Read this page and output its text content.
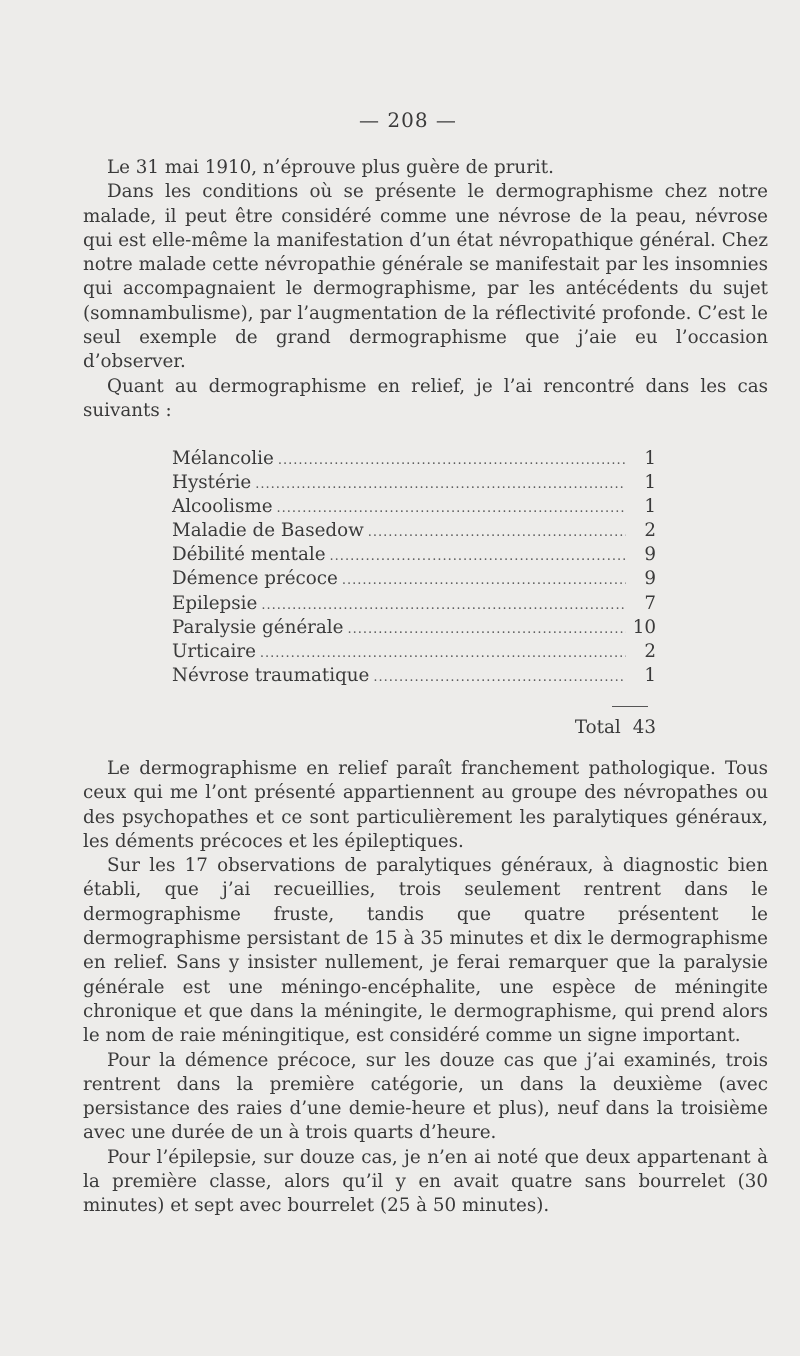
— 208 —

Le 31 mai 1910, n’éprouve plus guère de prurit.

Dans les conditions où se présente le dermographisme chez notre malade, il peut être considéré comme une névrose de la peau, névrose qui est elle-même la manifestation d’un état névropathique général. Chez notre malade cette névropathie générale se manifestait par les insomnies qui accompagnaient le dermographisme, par les antécédents du sujet (somnambulisme), par l’augmentation de la réflectivité profonde. C’est le seul exemple de grand dermographisme que j’aie eu l’occasion d’observer.

Quant au dermographisme en relief, je l’ai rencontré dans les cas suivants :

Mélancolie .....	1
Hystérie .....	1
Alcoolisme .....	1
Maladie de Basedow .....	2
Débilité mentale .....	9
Démence précoce .....	9
Epilepsie .....	7
Paralysie générale .....	10
Urticaire .....	2
Névrose traumatique .....	1
Total 43

Le dermographisme en relief paraît franchement pathologique. Tous ceux qui me l’ont présenté appartiennent au groupe des névropathes ou des psychopathes et ce sont particulièrement les paralytiques généraux, les déments précoces et les épileptiques.

Sur les 17 observations de paralytiques généraux, à diagnostic bien établi, que j’ai recueillies, trois seulement rentrent dans le dermographisme fruste, tandis que quatre présentent le dermographisme persistant de 15 à 35 minutes et dix le dermographisme en relief. Sans y insister nullement, je ferai remarquer que la paralysie générale est une méningo-encéphalite, une espèce de méningite chronique et que dans la méningite, le dermographisme, qui prend alors le nom de raie méningitique, est considéré comme un signe important.

Pour la démence précoce, sur les douze cas que j’ai examinés, trois rentrent dans la première catégorie, un dans la deuxième (avec persistance des raies d’une demie-heure et plus), neuf dans la troisième avec une durée de un à trois quarts d’heure.

Pour l’épilepsie, sur douze cas, je n’en ai noté que deux appartenant à la première classe, alors qu’il y en avait quatre sans bourrelet (30 minutes) et sept avec bourrelet (25 à 50 minutes).
